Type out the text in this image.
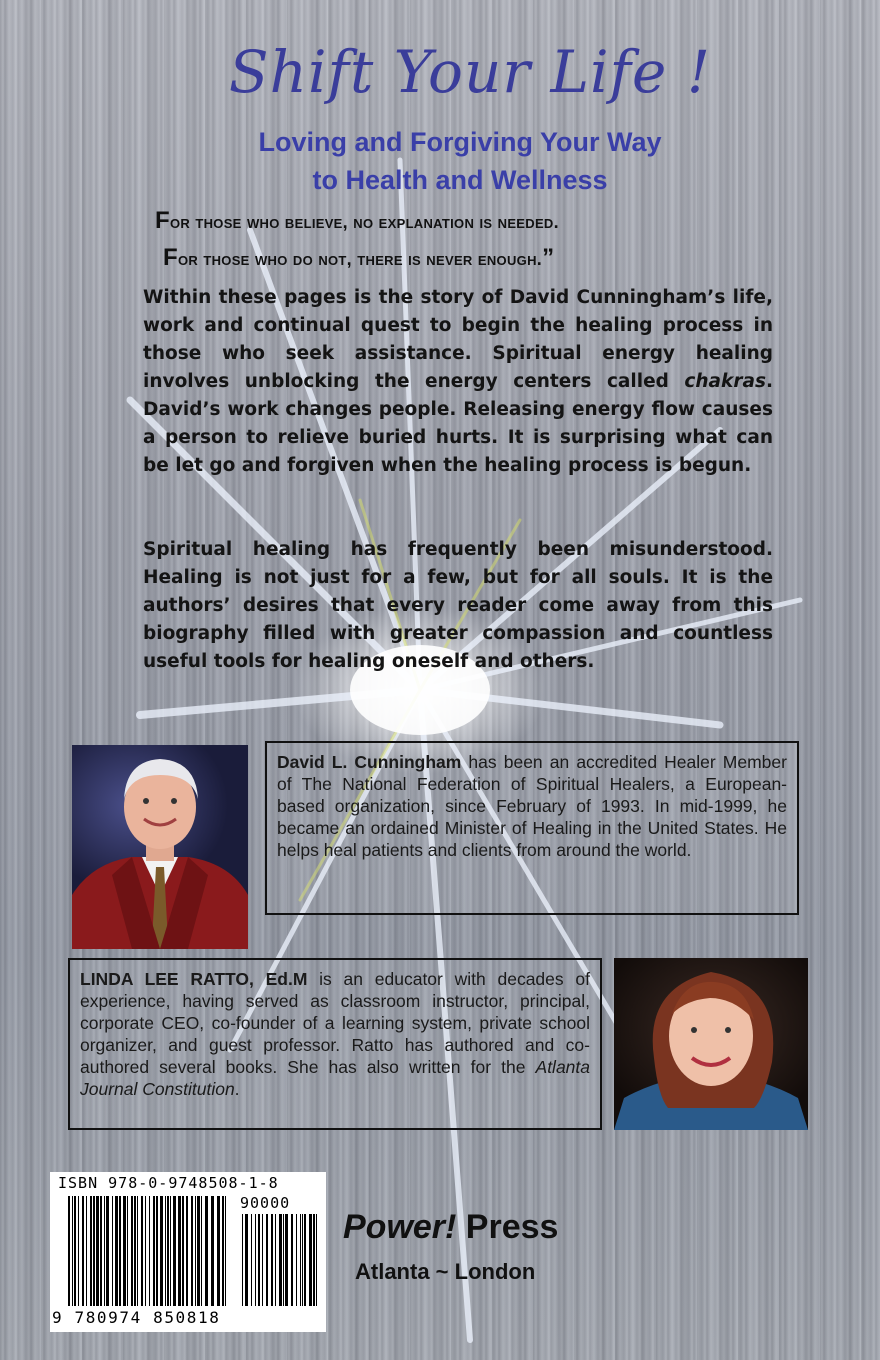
Shift Your Life !
Loving and Forgiving Your Way
to Health and Wellness
For those who believe, no explanation is needed.
For those who do not, there is never enough.”
Within these pages is the story of David Cunningham’s life, work and continual quest to begin the healing process in those who seek assistance. Spiritual energy healing involves unblocking the energy centers called chakras. David’s work changes people. Releasing energy flow causes a person to relieve buried hurts. It is surprising what can be let go and forgiven when the healing process is begun.
Spiritual healing has frequently been misunderstood. Healing is not just for a few, but for all souls. It is the authors’ desires that every reader come away from this biography filled with greater compassion and countless useful tools for healing oneself and others.
David L. Cunningham has been an accredited Healer Member of The National Federation of Spiritual Healers, a European-based organization, since February of 1993. In mid-1999, he became an ordained Minister of Healing in the United States. He helps heal patients and clients from around the world.
LINDA LEE RATTO, Ed.M is an educator with decades of experience, having served as classroom instructor, principal, corporate CEO, co-founder of a learning system, private school organizer, and guest professor. Ratto has authored and co-authored several books. She has also written for the Atlanta Journal Constitution.
ISBN 978-0-9748508-1-8
90000
9 780974 850818
Power! Press
Atlanta ~ London
